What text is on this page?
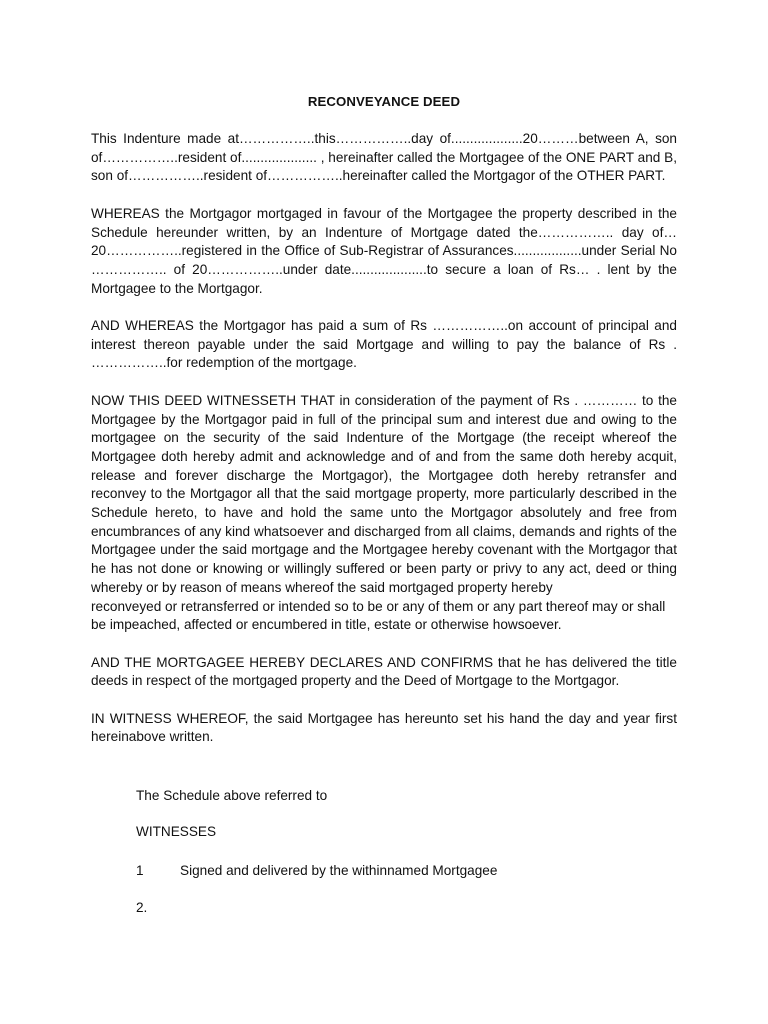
RECONVEYANCE DEED

This Indenture made at……………..this……………..day of...................20………between A, son of……………..resident of.................... , hereinafter called the Mortgagee of the ONE PART and B, son of……………..resident of……………..hereinafter called the Mortgagor of the OTHER PART.

WHEREAS the Mortgagor mortgaged in favour of the Mortgagee the property described in the Schedule hereunder written, by an Indenture of Mortgage dated the…………….. day of… 20……………..registered in the Office of Sub-Registrar of Assurances..................under Serial No …………….. of 20……………..under date....................to secure a loan of Rs… . lent by the Mortgagee to the Mortgagor.

AND WHEREAS the Mortgagor has paid a sum of Rs ……………..on account of principal and interest thereon payable under the said Mortgage and willing to pay the balance of Rs . ……………..for redemption of the mortgage.

NOW THIS DEED WITNESSETH THAT in consideration of the payment of Rs . ………… to the Mortgagee by the Mortgagor paid in full of the principal sum and interest due and owing to the mortgagee on the security of the said Indenture of the Mortgage (the receipt whereof the Mortgagee doth hereby admit and acknowledge and of and from the same doth hereby acquit, release and forever discharge the Mortgagor), the Mortgagee doth hereby retransfer and reconvey to the Mortgagor all that the said mortgage property, more particularly described in the Schedule hereto, to have and hold the same unto the Mortgagor absolutely and free from encumbrances of any kind whatsoever and discharged from all claims, demands and rights of the Mortgagee under the said mortgage and the Mortgagee hereby covenant with the Mortgagor that he has not done or knowing or willingly suffered or been party or privy to any act, deed or thing whereby or by reason of means whereof the said mortgaged property hereby

reconveyed or retransferred or intended so to be or any of them or any part thereof may or shall be impeached, affected or encumbered in title, estate or otherwise howsoever.

AND THE MORTGAGEE HEREBY DECLARES AND CONFIRMS that he has delivered the title deeds in respect of the mortgaged property and the Deed of Mortgage to the Mortgagor.

IN WITNESS WHEREOF, the said Mortgagee has hereunto set his hand the day and year first hereinabove written.

The Schedule above referred to
WITNESSES
1	Signed and delivered by the withinnamed Mortgagee
2.
